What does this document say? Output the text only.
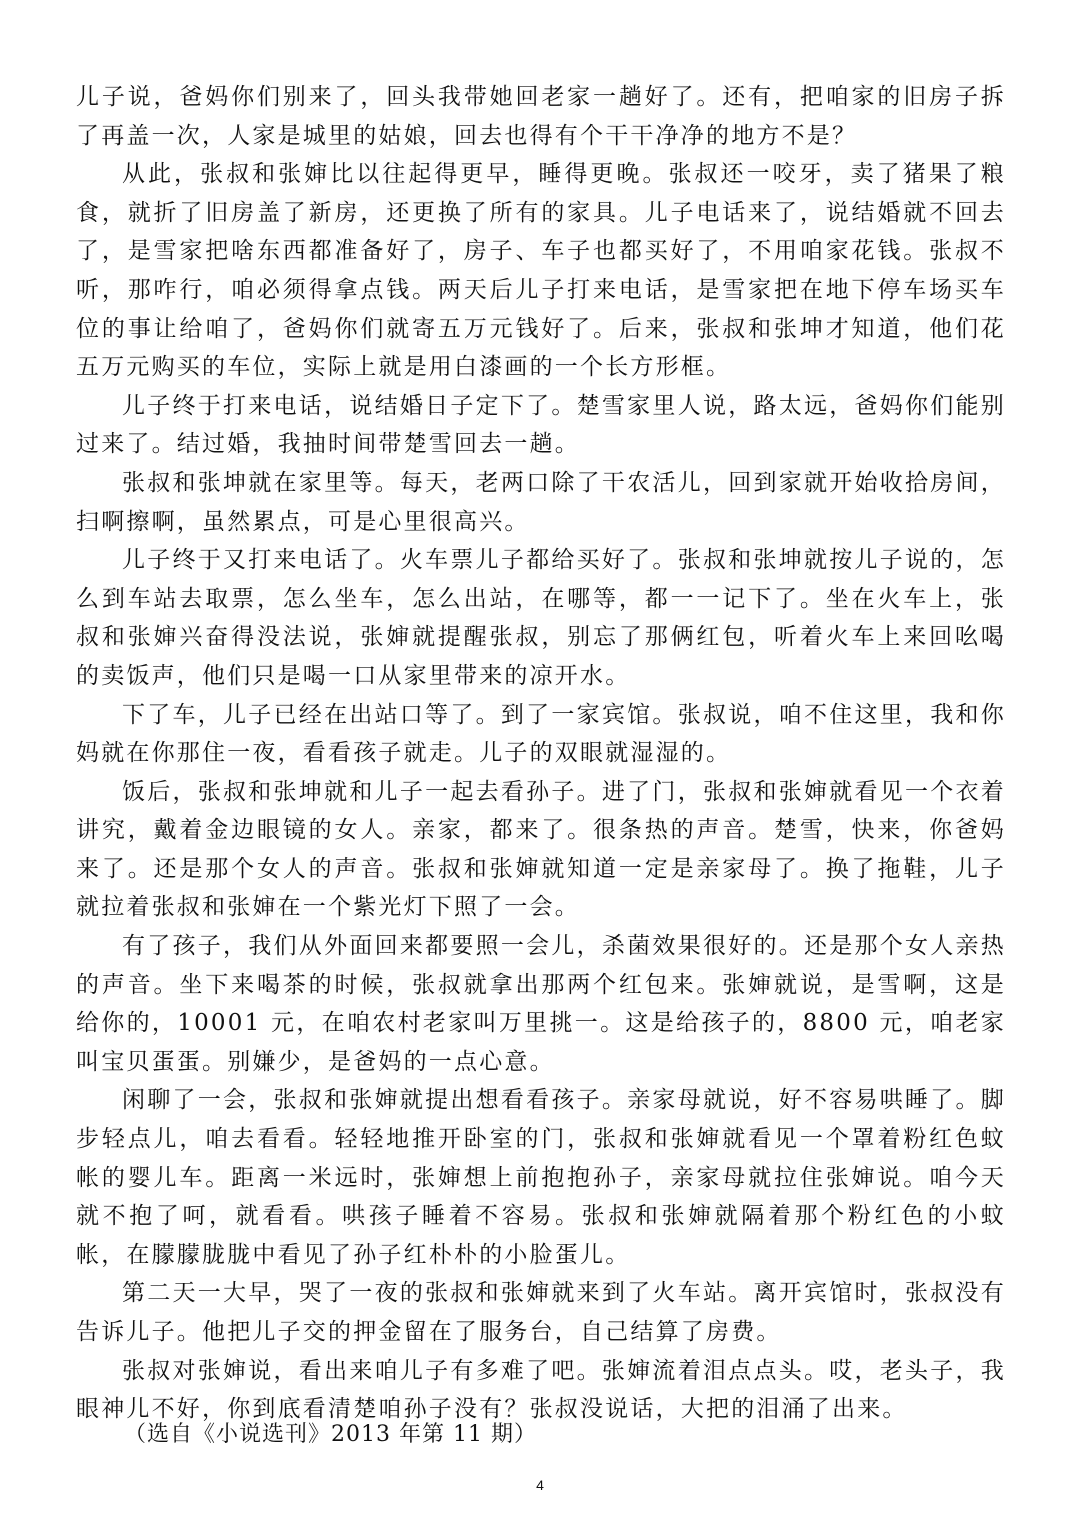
儿子说，爸妈你们别来了，回头我带她回老家一趟好了。还有，把咱家的旧房子拆了再盖一次，人家是城里的姑娘，回去也得有个干干净净的地方不是？

从此，张叔和张婶比以往起得更早，睡得更晚。张叔还一咬牙，卖了猪果了粮食，就折了旧房盖了新房，还更换了所有的家具。儿子电话来了，说结婚就不回去了，是雪家把啥东西都准备好了，房子、车子也都买好了，不用咱家花钱。张叔不听，那咋行，咱必须得拿点钱。两天后儿子打来电话，是雪家把在地下停车场买车位的事让给咱了，爸妈你们就寄五万元钱好了。后来，张叔和张坤才知道，他们花五万元购买的车位，实际上就是用白漆画的一个长方形框。

儿子终于打来电话，说结婚日子定下了。楚雪家里人说，路太远，爸妈你们能别过来了。结过婚，我抽时间带楚雪回去一趟。

张叔和张坤就在家里等。每天，老两口除了干农活儿，回到家就开始收拾房间，扫啊擦啊，虽然累点，可是心里很高兴。

儿子终于又打来电话了。火车票儿子都给买好了。张叔和张坤就按儿子说的，怎么到车站去取票，怎么坐车，怎么出站，在哪等，都一一记下了。坐在火车上，张叔和张婶兴奋得没法说，张婶就提醒张叔，别忘了那俩红包，听着火车上来回吆喝的卖饭声，他们只是喝一口从家里带来的凉开水。

下了车，儿子已经在出站口等了。到了一家宾馆。张叔说，咱不住这里，我和你妈就在你那住一夜，看看孩子就走。儿子的双眼就湿湿的。

饭后，张叔和张坤就和儿子一起去看孙子。进了门，张叔和张婶就看见一个衣着讲究，戴着金边眼镜的女人。亲家，都来了。很条热的声音。楚雪，快来，你爸妈来了。还是那个女人的声音。张叔和张婶就知道一定是亲家母了。换了拖鞋，儿子就拉着张叔和张婶在一个紫光灯下照了一会。

有了孩子，我们从外面回来都要照一会儿，杀菌效果很好的。还是那个女人亲热的声音。坐下来喝茶的时候，张叔就拿出那两个红包来。张婶就说，是雪啊，这是给你的，10001 元，在咱农村老家叫万里挑一。这是给孩子的，8800 元，咱老家叫宝贝蛋蛋。别嫌少，是爸妈的一点心意。

闲聊了一会，张叔和张婶就提出想看看孩子。亲家母就说，好不容易哄睡了。脚步轻点儿，咱去看看。轻轻地推开卧室的门，张叔和张婶就看见一个罩着粉红色蚊帐的婴儿车。距离一米远时，张婶想上前抱抱孙子，亲家母就拉住张婶说。咱今天就不抱了呵，就看看。哄孩子睡着不容易。张叔和张婶就隔着那个粉红色的小蚊帐，在朦朦胧胧中看见了孙子红朴朴的小脸蛋儿。

第二天一大早，哭了一夜的张叔和张婶就来到了火车站。离开宾馆时，张叔没有告诉儿子。他把儿子交的押金留在了服务台，自己结算了房费。

张叔对张婶说，看出来咱儿子有多难了吧。张婶流着泪点点头。哎，老头子，我眼神儿不好，你到底看清楚咱孙子没有？张叔没说话，大把的泪涌了出来。

（选自《小说选刊》2013 年第 11 期）
4
